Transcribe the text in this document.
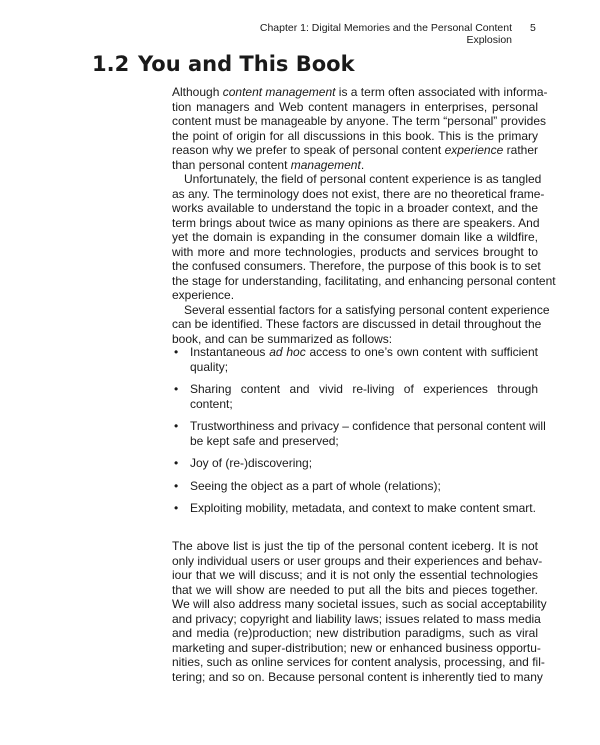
Chapter 1: Digital Memories and the Personal Content Explosion
5
1.2 You and This Book
Although content management is a term often associated with informa-
tion managers and Web content managers in enterprises, personal
content must be manageable by anyone. The term “personal” provides
the point of origin for all discussions in this book. This is the primary
reason why we prefer to speak of personal content experience rather
than personal content management.
Unfortunately, the field of personal content experience is as tangled
as any. The terminology does not exist, there are no theoretical frame-
works available to understand the topic in a broader context, and the
term brings about twice as many opinions as there are speakers. And
yet the domain is expanding in the consumer domain like a wildfire,
with more and more technologies, products and services brought to
the confused consumers. Therefore, the purpose of this book is to set
the stage for understanding, facilitating, and enhancing personal content
experience.
Several essential factors for a satisfying personal content experience
can be identified. These factors are discussed in detail throughout the
book, and can be summarized as follows:
• Instantaneous ad hoc access to one’s own content with sufficient
quality;
• Sharing content and vivid re-living of experiences through
content;
• Trustworthiness and privacy – confidence that personal content will
be kept safe and preserved;
• Joy of (re-)discovering;
• Seeing the object as a part of whole (relations);
• Exploiting mobility, metadata, and context to make content smart.
The above list is just the tip of the personal content iceberg. It is not
only individual users or user groups and their experiences and behav-
iour that we will discuss; and it is not only the essential technologies
that we will show are needed to put all the bits and pieces together.
We will also address many societal issues, such as social acceptability
and privacy; copyright and liability laws; issues related to mass media
and media (re)production; new distribution paradigms, such as viral
marketing and super-distribution; new or enhanced business opportu-
nities, such as online services for content analysis, processing, and fil-
tering; and so on. Because personal content is inherently tied to many
